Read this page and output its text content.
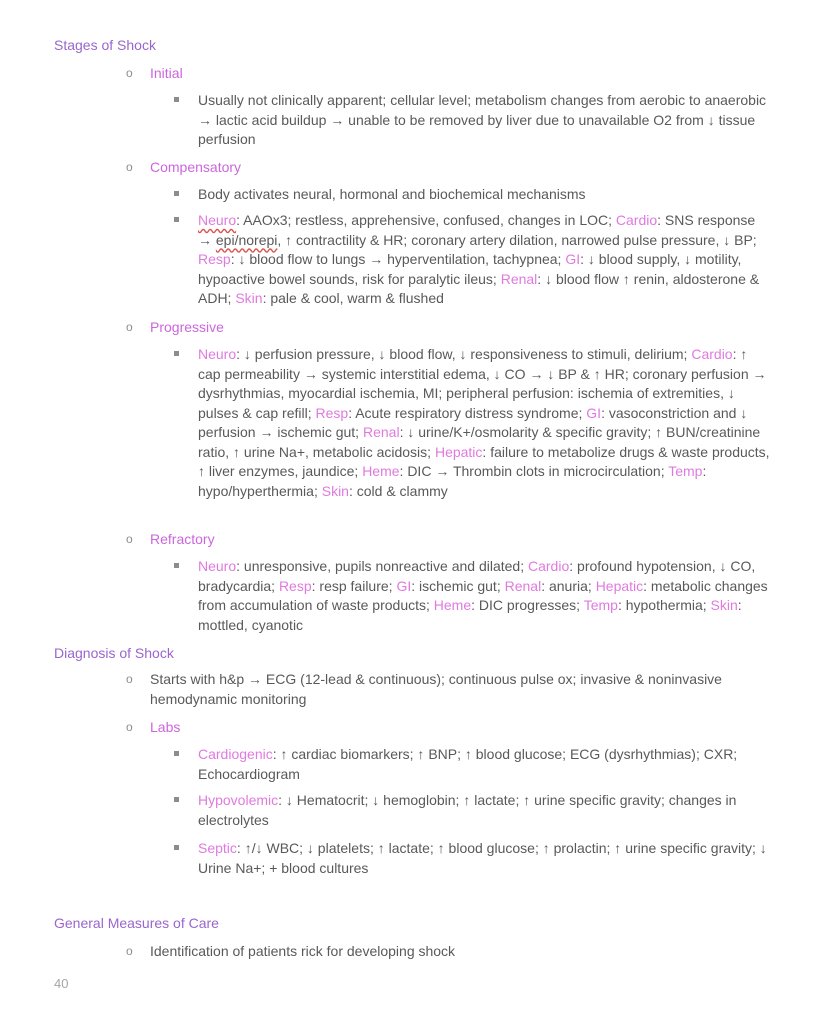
Stages of Shock
o Initial
Usually not clinically apparent; cellular level; metabolism changes from aerobic to anaerobic → lactic acid buildup → unable to be removed by liver due to unavailable O2 from ↓ tissue perfusion
o Compensatory
Body activates neural, hormonal and biochemical mechanisms
Neuro: AAOx3; restless, apprehensive, confused, changes in LOC; Cardio: SNS response → epi/norepi, ↑ contractility & HR; coronary artery dilation, narrowed pulse pressure, ↓ BP; Resp: ↓ blood flow to lungs → hyperventilation, tachypnea; GI: ↓ blood supply, ↓ motility, hypoactive bowel sounds, risk for paralytic ileus; Renal: ↓ blood flow ↑ renin, aldosterone & ADH; Skin: pale & cool, warm & flushed
o Progressive
Neuro: ↓ perfusion pressure, ↓ blood flow, ↓ responsiveness to stimuli, delirium; Cardio: ↑ cap permeability → systemic interstitial edema, ↓ CO → ↓ BP & ↑ HR; coronary perfusion → dysrhythmias, myocardial ischemia, MI; peripheral perfusion: ischemia of extremities, ↓ pulses & cap refill; Resp: Acute respiratory distress syndrome; GI: vasoconstriction and ↓ perfusion → ischemic gut; Renal: ↓ urine/K+/osmolarity & specific gravity; ↑ BUN/creatinine ratio, ↑ urine Na+, metabolic acidosis; Hepatic: failure to metabolize drugs & waste products, ↑ liver enzymes, jaundice; Heme: DIC → Thrombin clots in microcirculation; Temp: hypo/hyperthermia; Skin: cold & clammy
o Refractory
Neuro: unresponsive, pupils nonreactive and dilated; Cardio: profound hypotension, ↓ CO, bradycardia; Resp: resp failure; GI: ischemic gut; Renal: anuria; Hepatic: metabolic changes from accumulation of waste products; Heme: DIC progresses; Temp: hypothermia; Skin: mottled, cyanotic
Diagnosis of Shock
o Starts with h&p → ECG (12-lead & continuous); continuous pulse ox; invasive & noninvasive hemodynamic monitoring
o Labs
Cardiogenic: ↑ cardiac biomarkers; ↑ BNP; ↑ blood glucose; ECG (dysrhythmias); CXR; Echocardiogram
Hypovolemic: ↓ Hematocrit; ↓ hemoglobin; ↑ lactate; ↑ urine specific gravity; changes in electrolytes
Septic: ↑/↓ WBC; ↓ platelets; ↑ lactate; ↑ blood glucose; ↑ prolactin; ↑ urine specific gravity; ↓ Urine Na+; + blood cultures
General Measures of Care
o Identification of patients rick for developing shock
40
